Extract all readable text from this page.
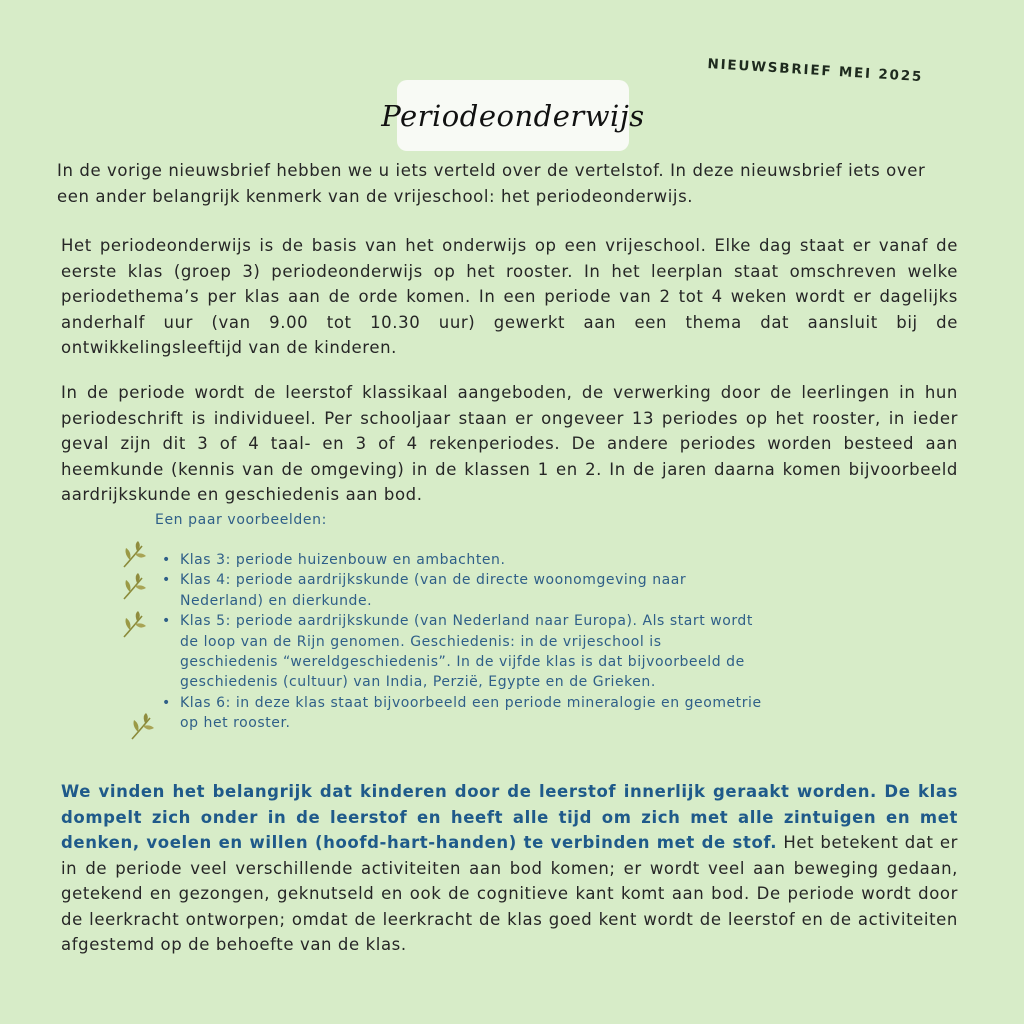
NIEUWSBRIEF MEI 2025
Periodeonderwijs

In de vorige nieuwsbrief hebben we u iets verteld over de vertelstof. In deze nieuwsbrief iets over een ander belangrijk kenmerk van de vrijeschool: het periodeonderwijs.

Het periodeonderwijs is de basis van het onderwijs op een vrijeschool. Elke dag staat er vanaf de eerste klas (groep 3) periodeonderwijs op het rooster. In het leerplan staat omschreven welke periodethema’s per klas aan de orde komen. In een periode van 2 tot 4 weken wordt er dagelijks anderhalf uur (van 9.00 tot 10.30 uur) gewerkt aan een thema dat aansluit bij de ontwikkelingsleeftijd van de kinderen.

In de periode wordt de leerstof klassikaal aangeboden, de verwerking door de leerlingen in hun periodeschrift is individueel. Per schooljaar staan er ongeveer 13 periodes op het rooster, in ieder geval zijn dit 3 of 4 taal- en 3 of 4 rekenperiodes. De andere periodes worden besteed aan heemkunde (kennis van de omgeving) in de klassen 1 en 2. In de jaren daarna komen bijvoorbeeld aardrijkskunde en geschiedenis aan bod.

Een paar voorbeelden:
• Klas 3: periode huizenbouw en ambachten.
• Klas 4: periode aardrijkskunde (van de directe woonomgeving naar Nederland) en dierkunde.
• Klas 5: periode aardrijkskunde (van Nederland naar Europa). Als start wordt de loop van de Rijn genomen. Geschiedenis: in de vrijeschool is geschiedenis “wereldgeschiedenis”. In de vijfde klas is dat bijvoorbeeld de geschiedenis (cultuur) van India, Perzië, Egypte en de Grieken.
• Klas 6: in deze klas staat bijvoorbeeld een periode mineralogie en geometrie op het rooster.

We vinden het belangrijk dat kinderen door de leerstof innerlijk geraakt worden. De klas dompelt zich onder in de leerstof en heeft alle tijd om zich met alle zintuigen en met denken, voelen en willen (hoofd-hart-handen) te verbinden met de stof. Het betekent dat er in de periode veel verschillende activiteiten aan bod komen; er wordt veel aan beweging gedaan, getekend en gezongen, geknutseld en ook de cognitieve kant komt aan bod. De periode wordt door de leerkracht ontworpen; omdat de leerkracht de klas goed kent wordt de leerstof en de activiteiten afgestemd op de behoefte van de klas.
